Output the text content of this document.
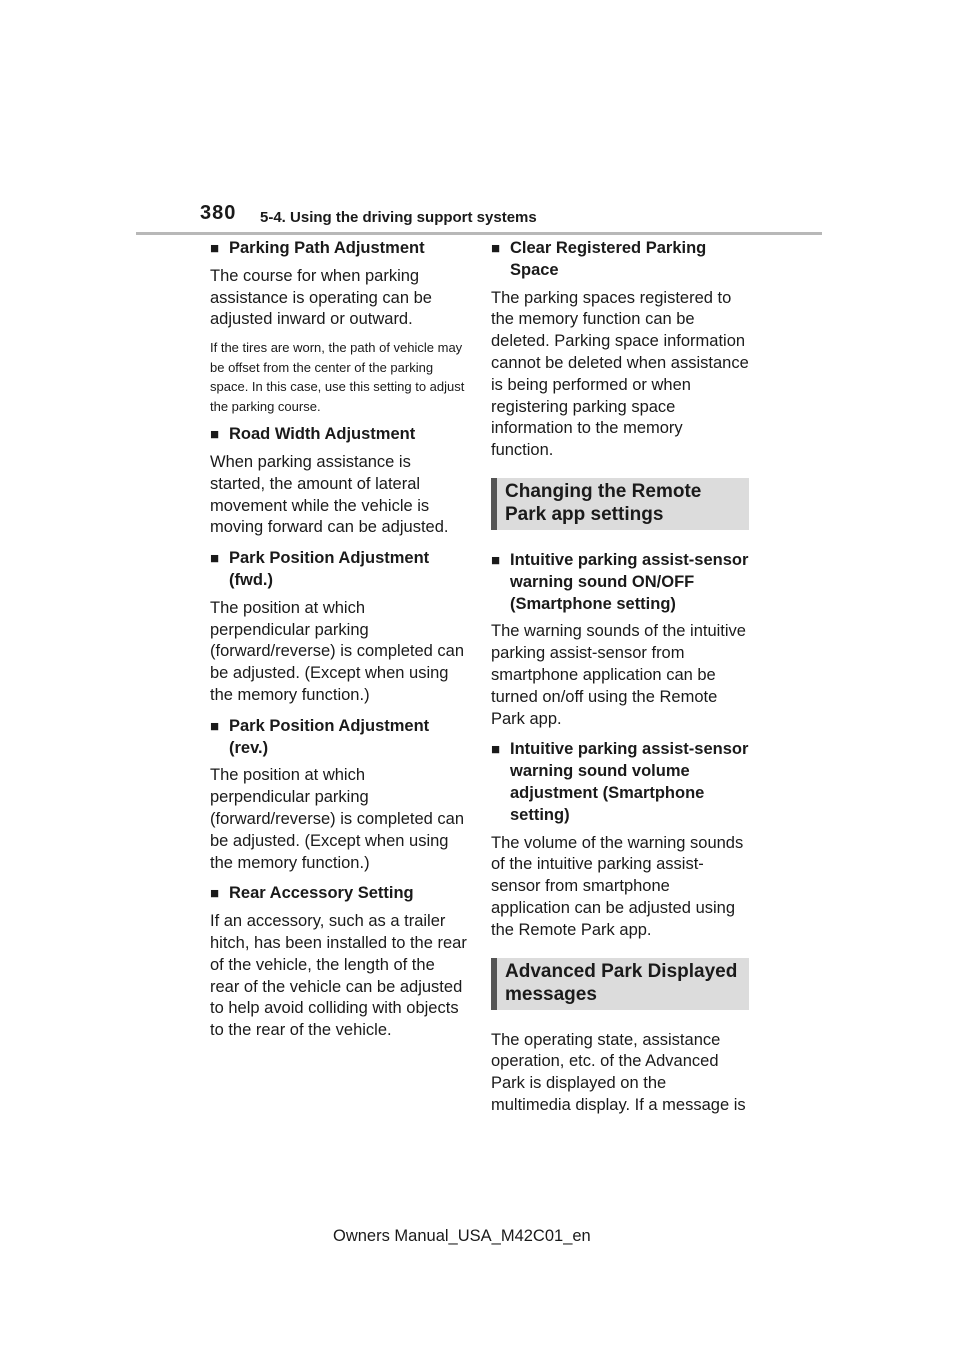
380 5-4. Using the driving support systems
■ Parking Path Adjustment

The course for when parking assistance is operating can be adjusted inward or outward.

If the tires are worn, the path of vehicle may be offset from the center of the parking space. In this case, use this setting to adjust the parking course.

■ Road Width Adjustment

When parking assistance is started, the amount of lateral movement while the vehicle is moving forward can be adjusted.

■ Park Position Adjustment (fwd.)

The position at which perpendicular parking (forward/reverse) is completed can be adjusted. (Except when using the memory function.)

■ Park Position Adjustment (rev.)

The position at which perpendicular parking (forward/reverse) is completed can be adjusted. (Except when using the memory function.)

■ Rear Accessory Setting

If an accessory, such as a trailer hitch, has been installed to the rear of the vehicle, the length of the rear of the vehicle can be adjusted to help avoid colliding with objects to the rear of the vehicle.

■ Clear Registered Parking Space

The parking spaces registered to the memory function can be deleted. Parking space information cannot be deleted when assistance is being performed or when registering parking space information to the memory function.

Changing the Remote Park app settings
■ Intuitive parking assist-sensor warning sound ON/OFF (Smartphone setting)

The warning sounds of the intuitive parking assist-sensor from smartphone application can be turned on/off using the Remote Park app.

■ Intuitive parking assist-sensor warning sound volume adjustment (Smartphone setting)

The volume of the warning sounds of the intuitive parking assist-sensor from smartphone application can be adjusted using the Remote Park app.

Advanced Park Displayed messages

The operating state, assistance operation, etc. of the Advanced Park is displayed on the multimedia display. If a message is

Owners Manual_USA_M42C01_en
